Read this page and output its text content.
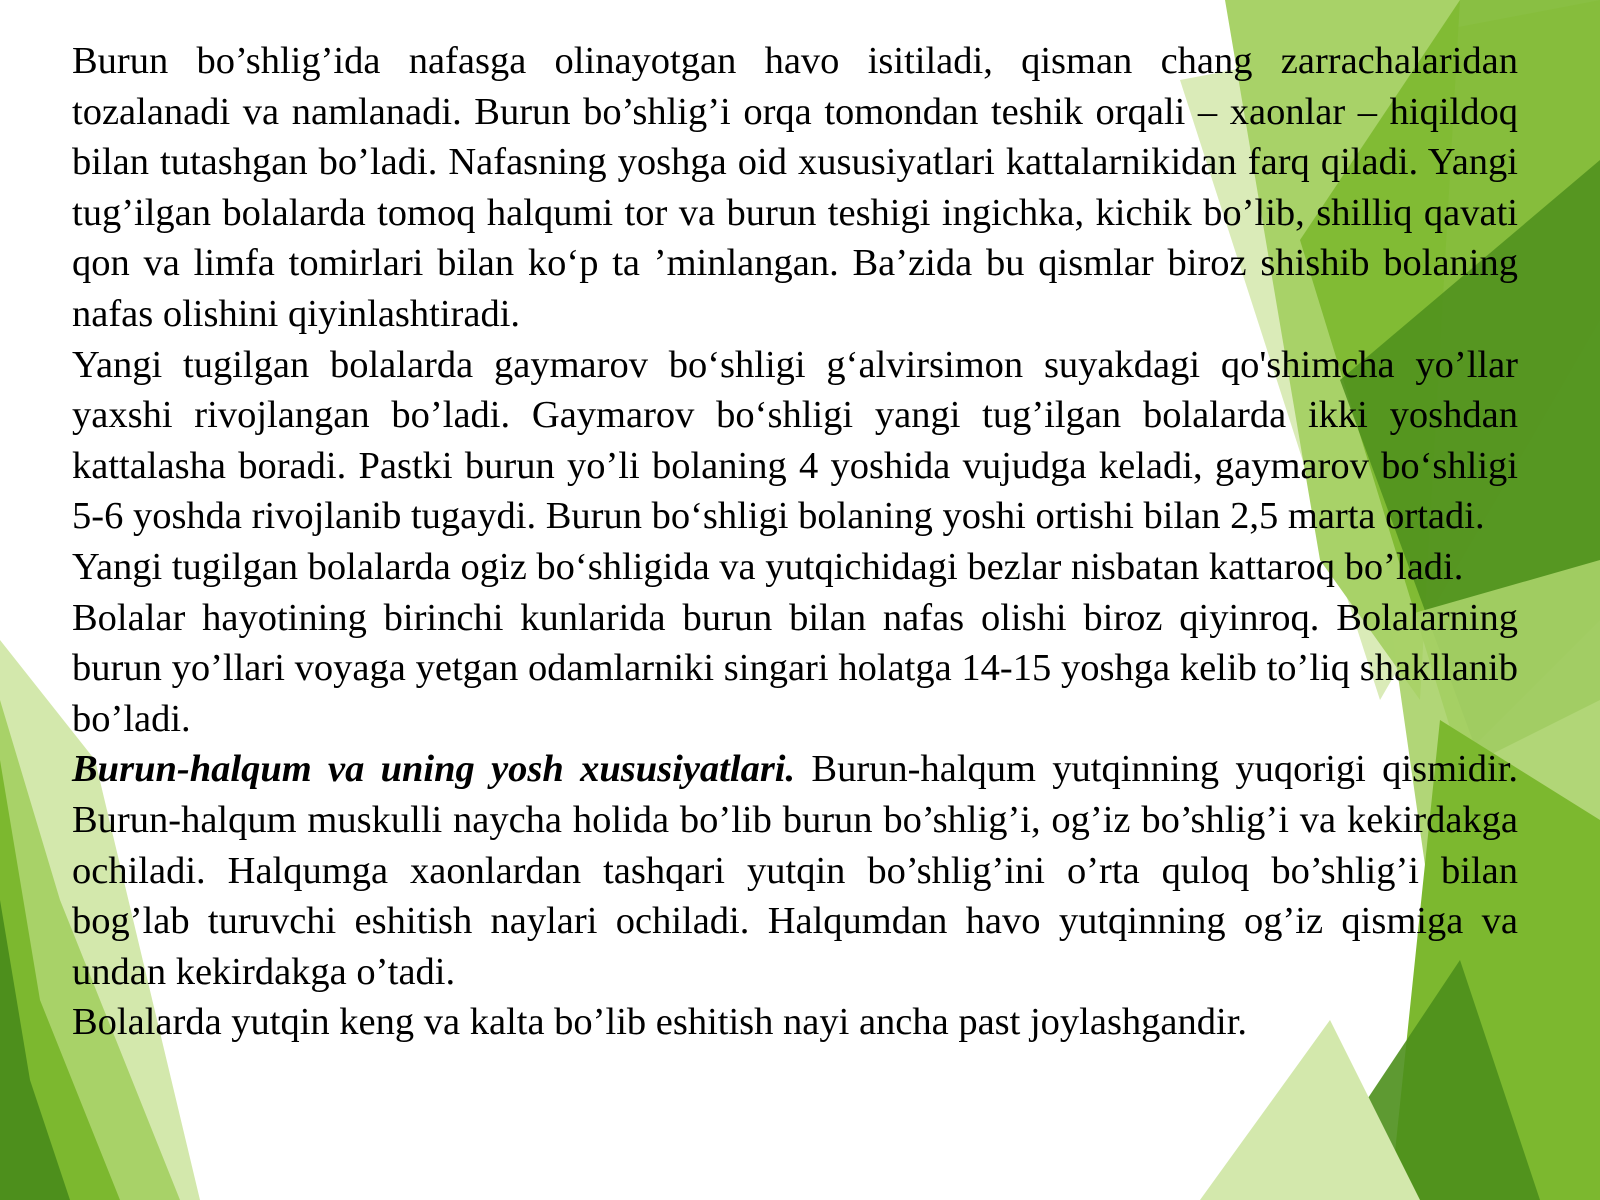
Burun bo’shlig’ida nafasga olinayotgan havo isitiladi, qisman chang zarrachalaridan tozalanadi va namlanadi. Burun bo’shlig’i orqa tomondan teshik orqali – xaonlar – hiqildoq bilan tutashgan bo’ladi. Nafasning yoshga oid xususiyatlari kattalarnikidan farq qiladi. Yangi tug’ilgan bolalarda tomoq halqumi tor va burun teshigi ingichka, kichik bo’lib, shilliq qavati qon va limfa tomirlari bilan koʻp ta ’minlangan. Ba’zida bu qismlar biroz shishib bolaning nafas olishini qiyinlashtiradi.

Yangi tugilgan bolalarda gaymarov boʻshligi gʻalvirsimon suyakdagi qo'shimcha yo’llar yaxshi rivojlangan bo’ladi. Gaymarov boʻshligi yangi tug’ilgan bolalarda ikki yoshdan kattalasha boradi. Pastki burun yo’li bolaning 4 yoshida vujudga keladi, gaymarov boʻshligi 5-6 yoshda rivojlanib tugaydi. Burun boʻshligi bolaning yoshi ortishi bilan 2,5 marta ortadi.

Yangi tugilgan bolalarda ogiz boʻshligida va yutqichidagi bezlar nisbatan kattaroq bo’ladi.

Bolalar hayotining birinchi kunlarida burun bilan nafas olishi biroz qiyinroq. Bolalarning burun yo’llari voyaga yetgan odamlarniki singari holatga 14-15 yoshga kelib to’liq shakllanib bo’ladi.

Burun-halqum va uning yosh xususiyatlari. Burun-halqum yutqinning yuqorigi qismidir. Burun-halqum muskulli naycha holida bo’lib burun bo’shlig’i, og’iz bo’shlig’i va kekirdakga ochiladi. Halqumga xaonlardan tashqari yutqin bo’shlig’ini o’rta quloq bo’shlig’i bilan bog’lab turuvchi eshitish naylari ochiladi. Halqumdan havo yutqinning og’iz qismiga va undan kekirdakga o’tadi.

Bolalarda yutqin keng va kalta bo’lib eshitish nayi ancha past joylashgandir.
